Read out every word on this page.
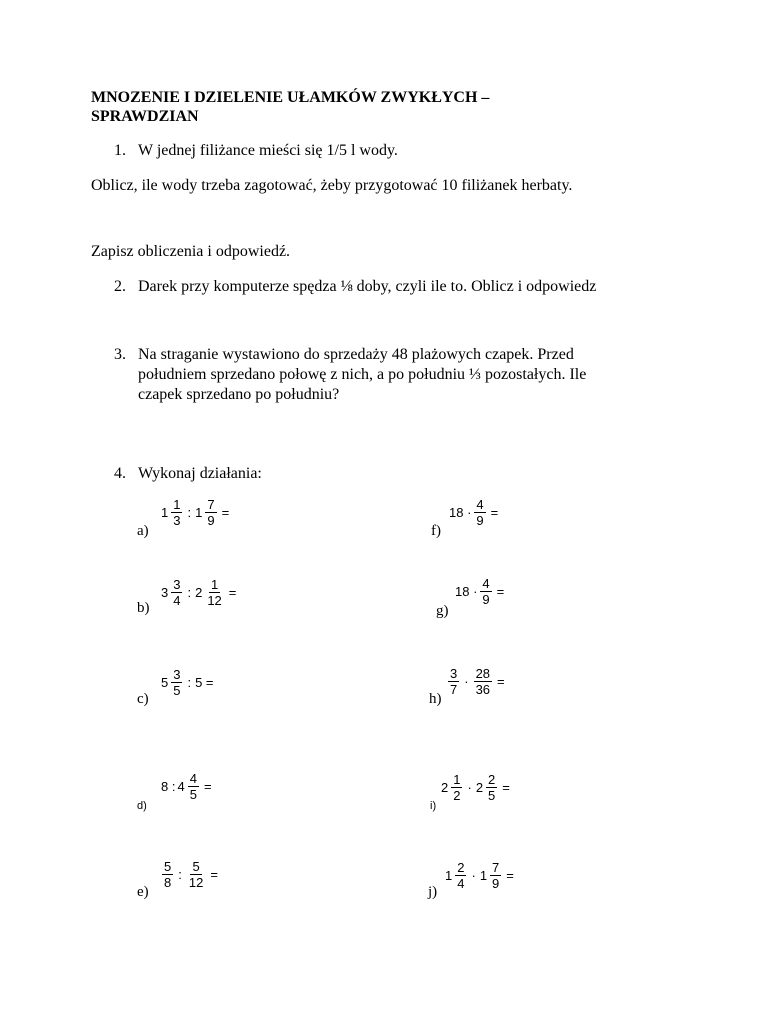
MNOZENIE I DZIELENIE UŁAMKÓW ZWYKŁYCH –
SPRAWDZIAN
1. W jednej filiżance mieści się 1/5 l wody.
Oblicz, ile wody trzeba zagotować, żeby przygotować 10 filiżanek herbaty.
Zapisz obliczenia i odpowiedź.
2. Darek przy komputerze spędza ⅛ doby, czyli ile to. Oblicz i odpowiedz
3. Na straganie wystawiono do sprzedaży 48 plażowych czapek. Przed
południem sprzedano połowę z nich, a po południu ⅓ pozostałych. Ile
czapek sprzedano po południu?
4. Wykonaj działania:
a)
$1 \frac{1}{3}$ : $1 \frac{7}{9}$ =
f)
$18 \cdot \frac{4}{9}$ =
b)
$3 \frac{3}{4}$ : $2 \frac{1}{12}$ =
g)
$18 \cdot \frac{4}{9}$ =
c)
$5 \frac{3}{5}$ : 5 =
h)
$\frac{3}{7} \cdot \frac{28}{36}$ =
d)
8 : $4 \frac{4}{5}$ =
i)
$2 \frac{1}{2} \cdot 2 \frac{2}{5}$ =
e)
$\frac{5}{8}$ : $\frac{5}{12}$ =
j)
$1 \frac{2}{4} \cdot 1 \frac{7}{9}$ =
